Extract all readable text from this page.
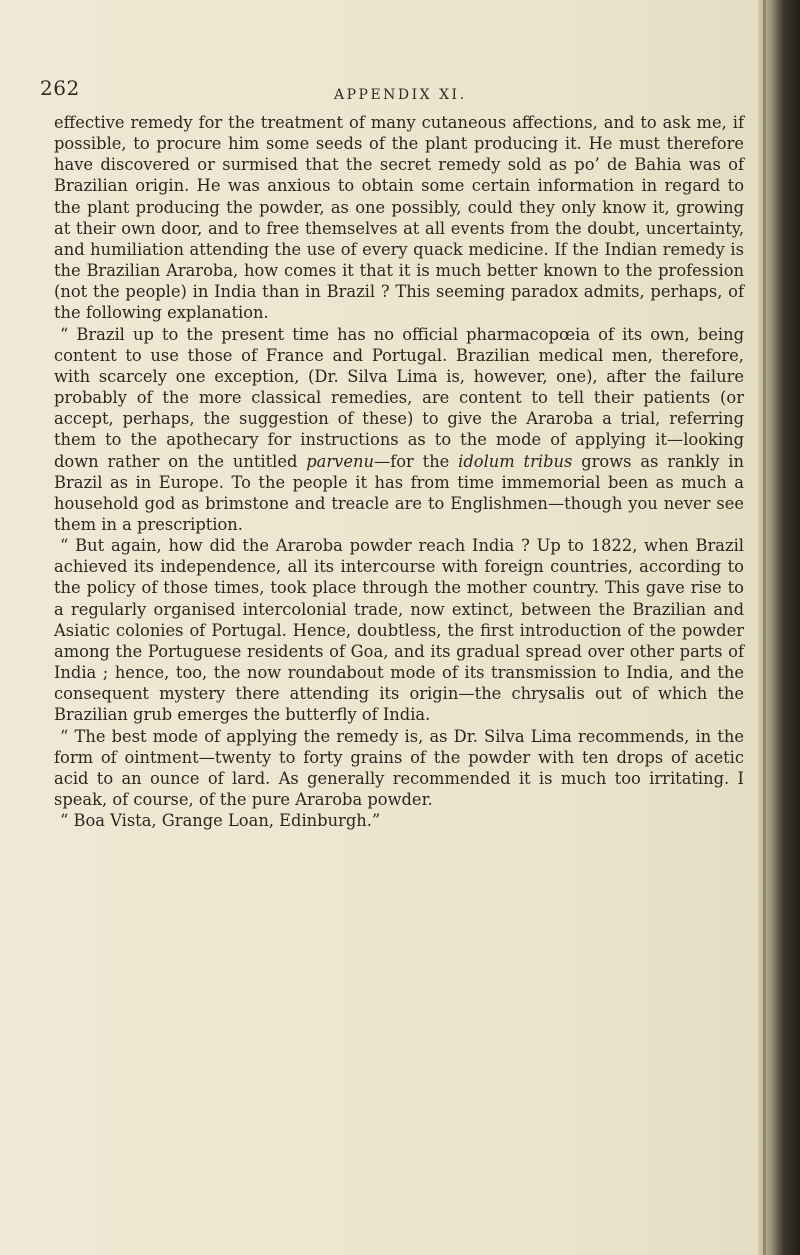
262	APPENDIX XI.

effective remedy for the treatment of many cutaneous affections, and to ask me, if possible, to procure him some seeds of the plant producing it. He must therefore have discovered or surmised that the secret remedy sold as po’ de Bahia was of Brazilian origin. He was anxious to obtain some certain information in regard to the plant producing the powder, as one possibly, could they only know it, growing at their own door, and to free themselves at all events from the doubt, uncertainty, and humiliation attending the use of every quack medicine. If the Indian remedy is the Brazilian Araroba, how comes it that it is much better known to the profession (not the people) in India than in Brazil ? This seeming paradox admits, perhaps, of the following explanation.

“ Brazil up to the present time has no official pharmacopœia of its own, being content to use those of France and Portugal. Brazilian medical men, therefore, with scarcely one exception, (Dr. Silva Lima is, however, one), after the failure probably of the more classical remedies, are content to tell their patients (or accept, perhaps, the suggestion of these) to give the Araroba a trial, referring them to the apothecary for instructions as to the mode of applying it—looking down rather on the untitled parvenu—for the idolum tribus grows as rankly in Brazil as in Europe. To the people it has from time immemorial been as much a household god as brimstone and treacle are to Englishmen—though you never see them in a prescription.

“ But again, how did the Araroba powder reach India ? Up to 1822, when Brazil achieved its independence, all its intercourse with foreign countries, according to the policy of those times, took place through the mother country. This gave rise to a regularly organised intercolonial trade, now extinct, between the Brazilian and Asiatic colonies of Portugal. Hence, doubtless, the first introduction of the powder among the Portuguese residents of Goa, and its gradual spread over other parts of India ; hence, too, the now roundabout mode of its transmission to India, and the consequent mystery there attending its origin—the chrysalis out of which the Brazilian grub emerges the butterfly of India.

“ The best mode of applying the remedy is, as Dr. Silva Lima recommends, in the form of ointment—twenty to forty grains of the powder with ten drops of acetic acid to an ounce of lard. As generally recommended it is much too irritating. I speak, of course, of the pure Araroba powder.

“ Boa Vista, Grange Loan, Edinburgh.”
